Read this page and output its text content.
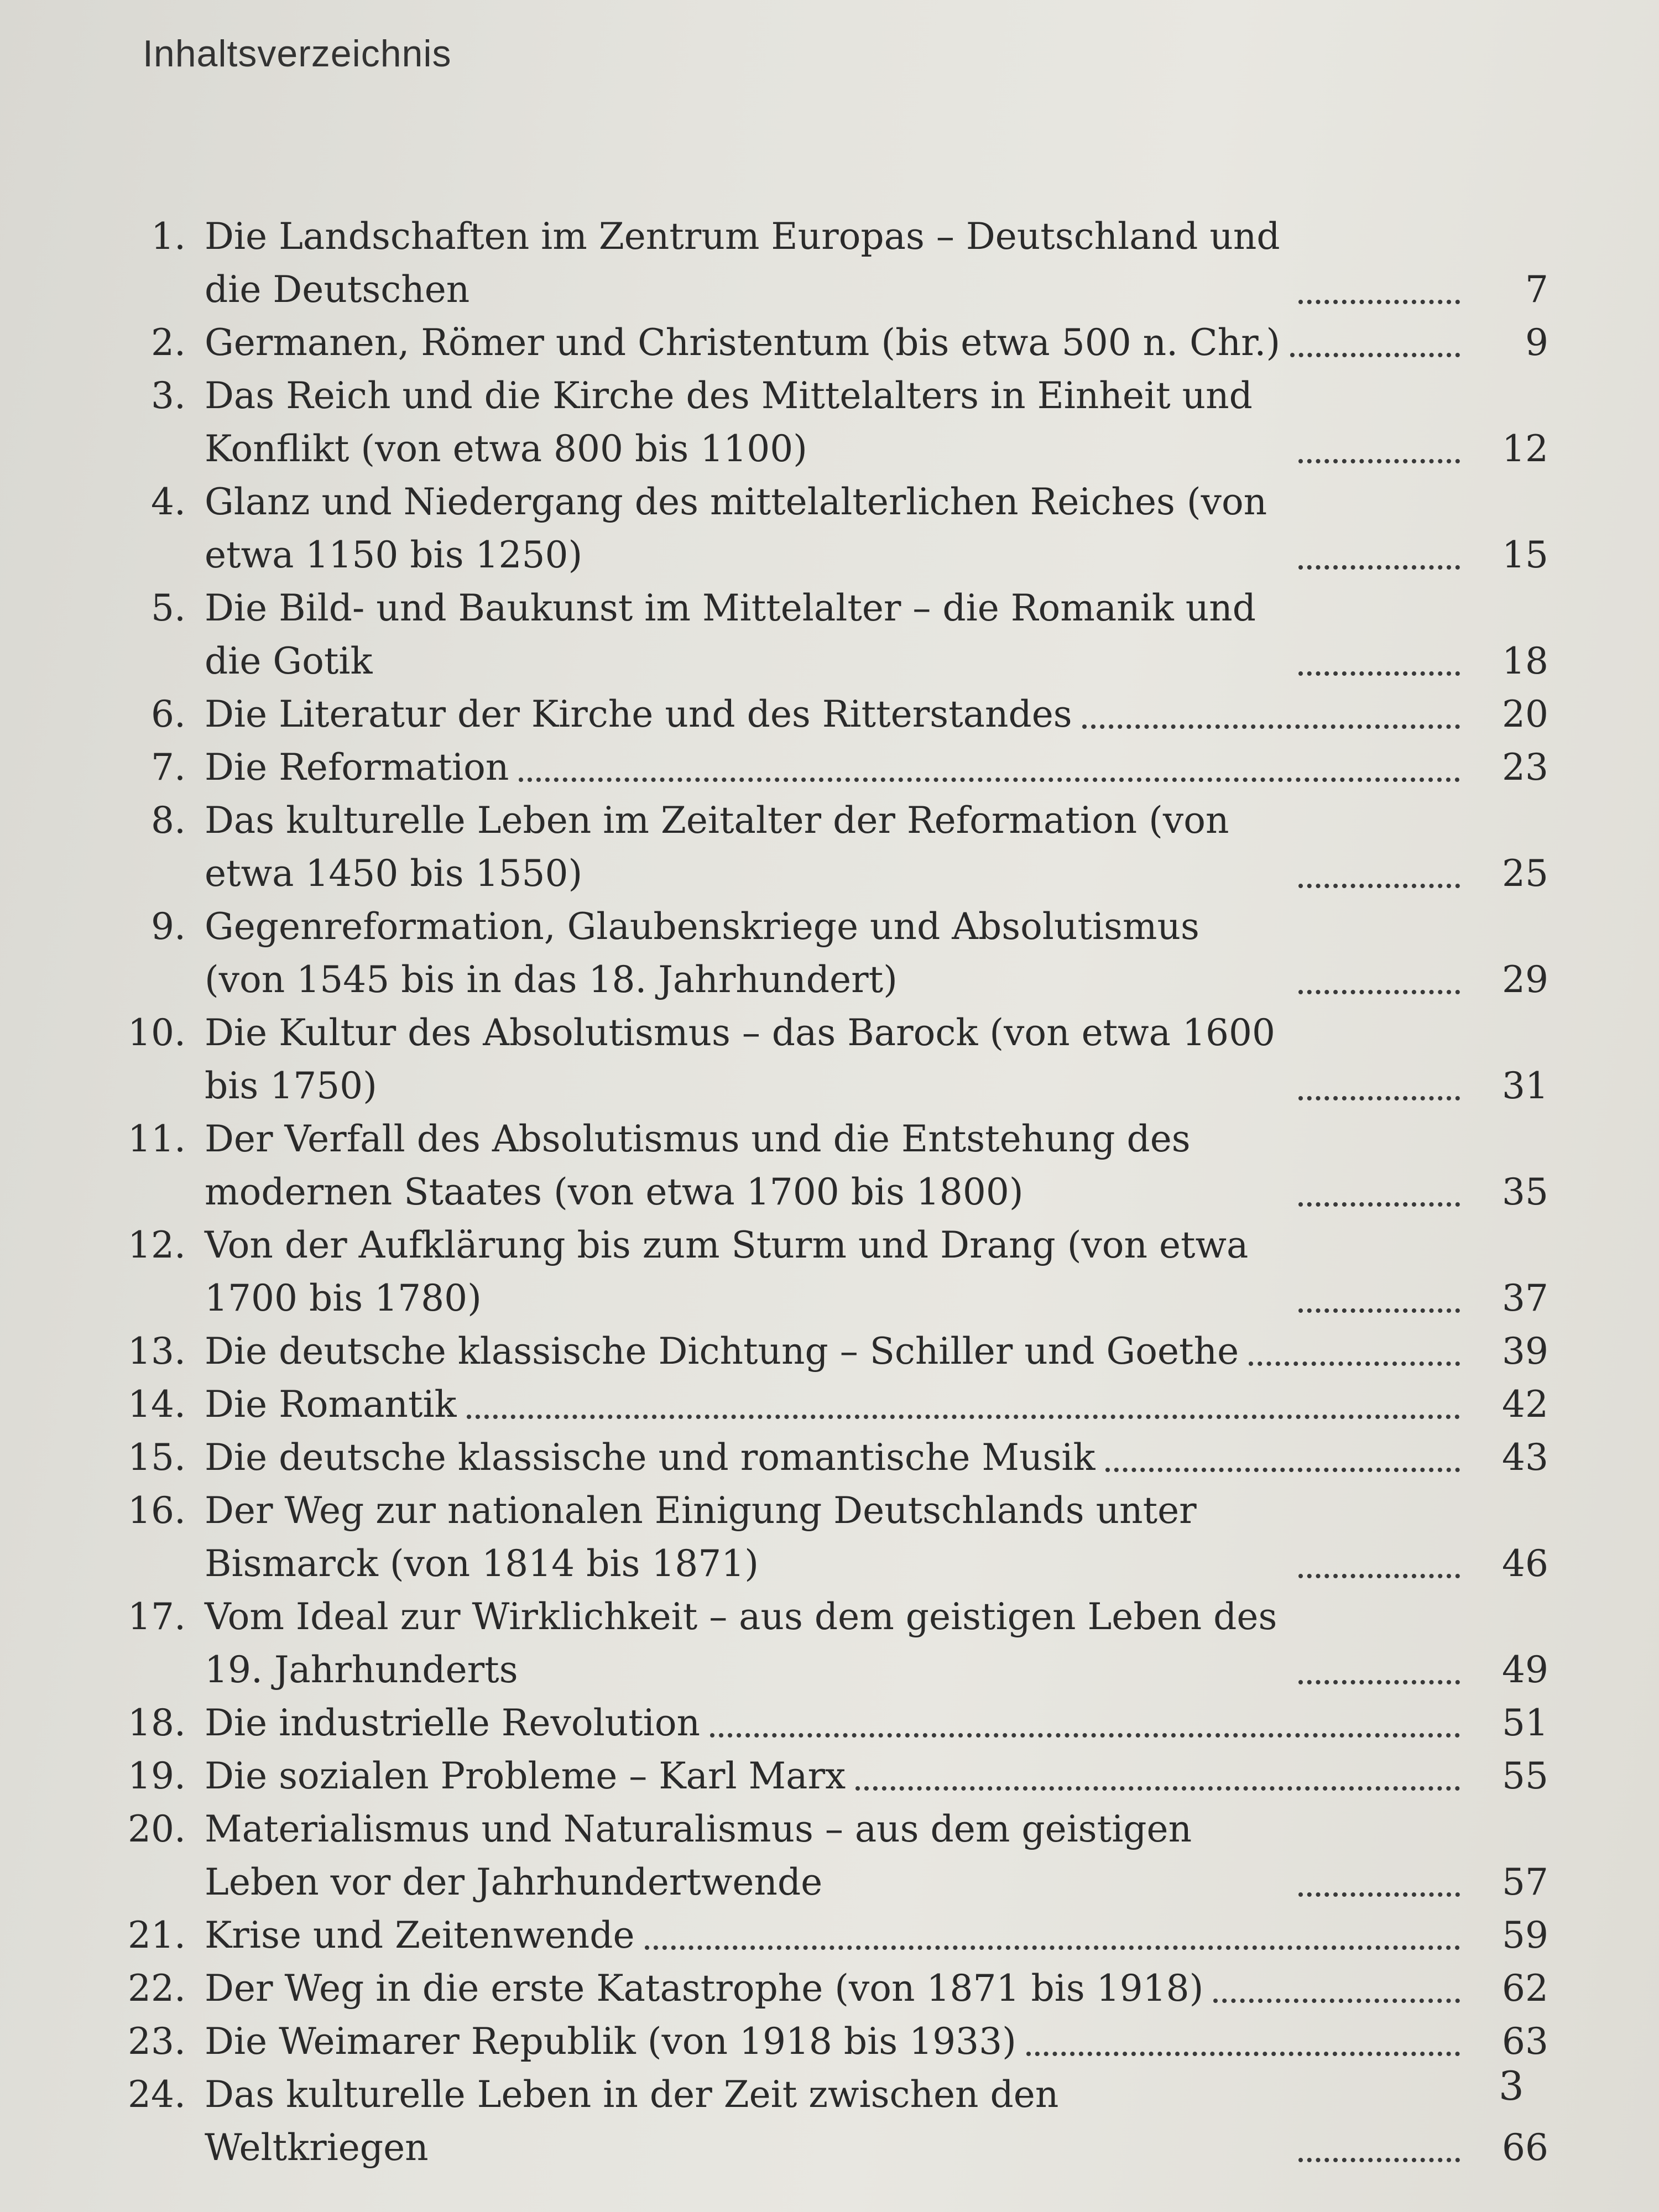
Inhaltsverzeichnis
1. Die Landschaften im Zentrum Europas – Deutschland und die Deutschen	7
2. Germanen, Römer und Christentum (bis etwa 500 n. Chr.)	9
3. Das Reich und die Kirche des Mittelalters in Einheit und Konflikt (von etwa 800 bis 1100)	12
4. Glanz und Niedergang des mittelalterlichen Reiches (von etwa 1150 bis 1250)	15
5. Die Bild- und Baukunst im Mittelalter – die Romanik und die Gotik	18
6. Die Literatur der Kirche und des Ritterstandes	20
7. Die Reformation	23
8. Das kulturelle Leben im Zeitalter der Reformation (von etwa 1450 bis 1550)	25
9. Gegenreformation, Glaubenskriege und Absolutismus (von 1545 bis in das 18. Jahrhundert)	29
10. Die Kultur des Absolutismus – das Barock (von etwa 1600 bis 1750)	31
11. Der Verfall des Absolutismus und die Entstehung des modernen Staates (von etwa 1700 bis 1800)	35
12. Von der Aufklärung bis zum Sturm und Drang (von etwa 1700 bis 1780)	37
13. Die deutsche klassische Dichtung – Schiller und Goethe	39
14. Die Romantik	42
15. Die deutsche klassische und romantische Musik	43
16. Der Weg zur nationalen Einigung Deutschlands unter Bismarck (von 1814 bis 1871)	46
17. Vom Ideal zur Wirklichkeit – aus dem geistigen Leben des 19. Jahrhunderts	49
18. Die industrielle Revolution	51
19. Die sozialen Probleme – Karl Marx	55
20. Materialismus und Naturalismus – aus dem geistigen Leben vor der Jahrhundertwende	57
21. Krise und Zeitenwende	59
22. Der Weg in die erste Katastrophe (von 1871 bis 1918)	62
23. Die Weimarer Republik (von 1918 bis 1933)	63
24. Das kulturelle Leben in der Zeit zwischen den Weltkriegen	66
3
